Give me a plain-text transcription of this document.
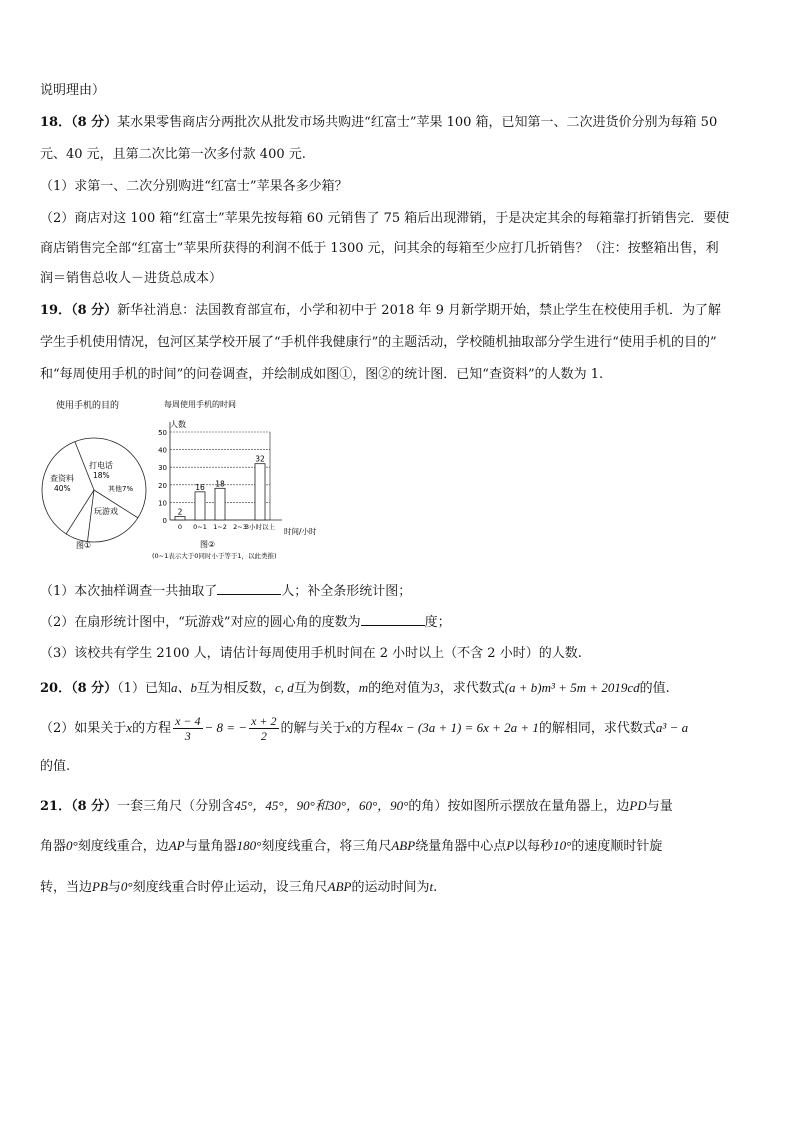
说明理由）
18．（8 分）某水果零售商店分两批次从批发市场共购进“红富士”苹果 100 箱，已知第一、二次进货价分别为每箱 50
元、40 元，且第二次比第一次多付款 400 元.
（1）求第一、二次分别购进“红富士”苹果各多少箱？
（2）商店对这 100 箱“红富士”苹果先按每箱 60 元销售了 75 箱后出现滞销，于是决定其余的每箱靠打折销售完．要使
商店销售完全部“红富士”苹果所获得的利润不低于 1300 元，问其余的每箱至少应打几折销售？（注：按整箱出售，利
润＝销售总收人－进货总成本）
19．（8 分）新华社消息：法国教育部宣布，小学和初中于 2018 年 9 月新学期开始，禁止学生在校使用手机．为了解
学生手机使用情况，包河区某学校开展了“手机伴我健康行”的主题活动，学校随机抽取部分学生进行“使用手机的目的”
和“每周使用手机的时间”的问卷调查，并绘制成如图①，图②的统计图．已知“查资料”的人数为 1.
使用手机的目的
打电话
18%
其他7%
查资料
40%
玩游戏
图①
每周使用手机的时间
人数
2
16 18
32
0
10
20
30
40
50
0 0~1 1~2 2~3
3小时以上 时间/小时
图②
(0~1表示大于0同时小于等于1，以此类推)
（1）本次抽样调查一共抽取了	人；补全条形统计图；
（2）在扇形统计图中，“玩游戏”对应的圆心角的度数为	度；
（3）该校共有学生 2100 人，请估计每周使用手机时间在 2 小时以上（不含 2 小时）的人数.
20．（8 分）（1）已知a、b互为相反数，c, d互为倒数，m的绝对值为3，求代数式(a + b)m³ + 5m + 2019cd的值.
（2）如果关于x的方程 $\frac{x - 4}{3} - 8$ = − $\frac{x + 2}{2}$ 的解与关于x的方程4x − (3a + 1) = 6x + 2a + 1的解相同，求代数式a³ − a
的值.
21．（8 分）一套三角尺（分别含45°，45°，90°和30°，60°，90°的角）按如图所示摆放在量角器上，边PD与量
角器0°刻度线重合，边AP与量角器180°刻度线重合，将三角尺ABP绕量角器中心点P以每秒10°的速度顺时针旋
转，当边PB与0°刻度线重合时停止运动，设三角尺ABP的运动时间为t.
